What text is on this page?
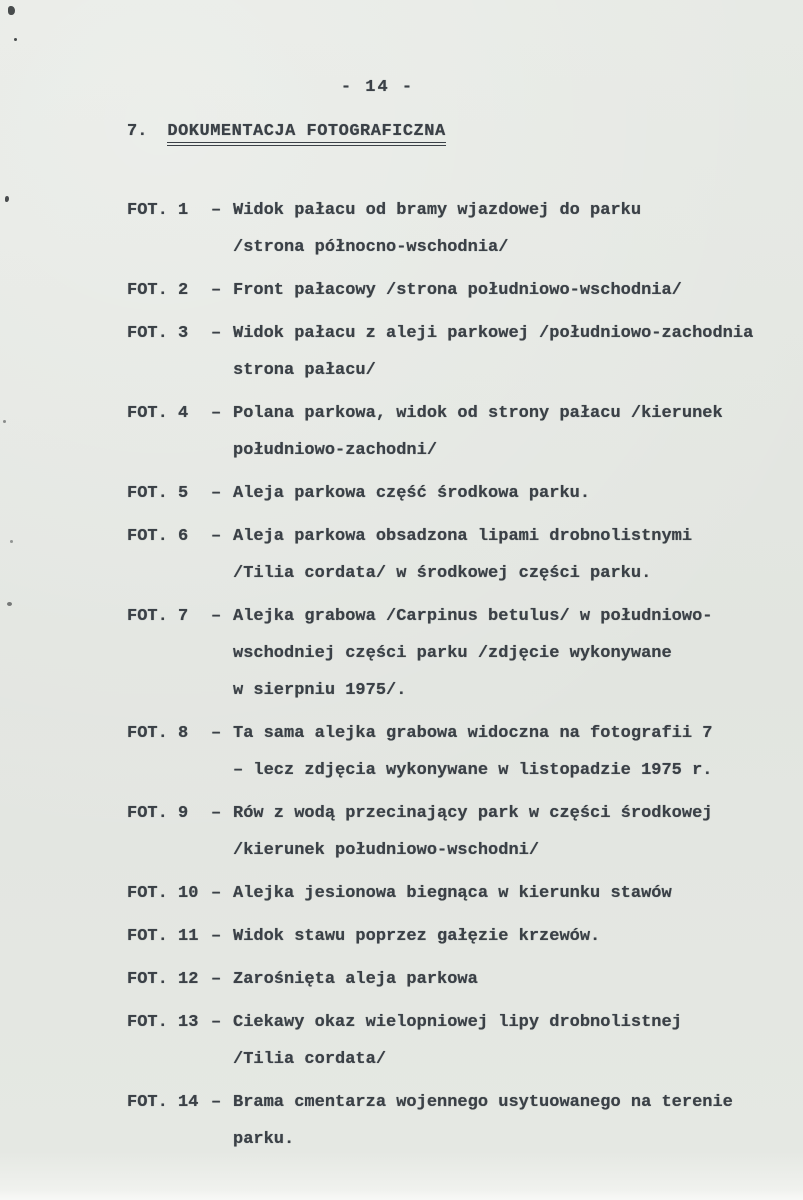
- 14 -
7. DOKUMENTACJA FOTOGRAFICZNA
FOT. 1	– Widok pałacu od bramy wjazdowej do parku
/strona północno-wschodnia/
FOT. 2	– Front pałacowy /strona południowo-wschodnia/
FOT. 3	– Widok pałacu z aleji parkowej /południowo-zachodnia
strona pałacu/
FOT. 4	– Polana parkowa, widok od strony pałacu /kierunek
południowo-zachodni/
FOT. 5	– Aleja parkowa część środkowa parku.
FOT. 6	– Aleja parkowa obsadzona lipami drobnolistnymi
/Tilia cordata/ w środkowej części parku.
FOT. 7	– Alejka grabowa /Carpinus betulus/ w południowo-
wschodniej części parku /zdjęcie wykonywane
w sierpniu 1975/.
FOT. 8	– Ta sama alejka grabowa widoczna na fotografii 7
– lecz zdjęcia wykonywane w listopadzie 1975 r.
FOT. 9	– Rów z wodą przecinający park w części środkowej
/kierunek południowo-wschodni/
FOT. 10 – Alejka jesionowa biegnąca w kierunku stawów
FOT. 11 – Widok stawu poprzez gałęzie krzewów.
FOT. 12 – Zarośnięta aleja parkowa
FOT. 13 – Ciekawy okaz wielopniowej lipy drobnolistnej
/Tilia cordata/
FOT. 14 – Brama cmentarza wojennego usytuowanego na terenie
parku.
